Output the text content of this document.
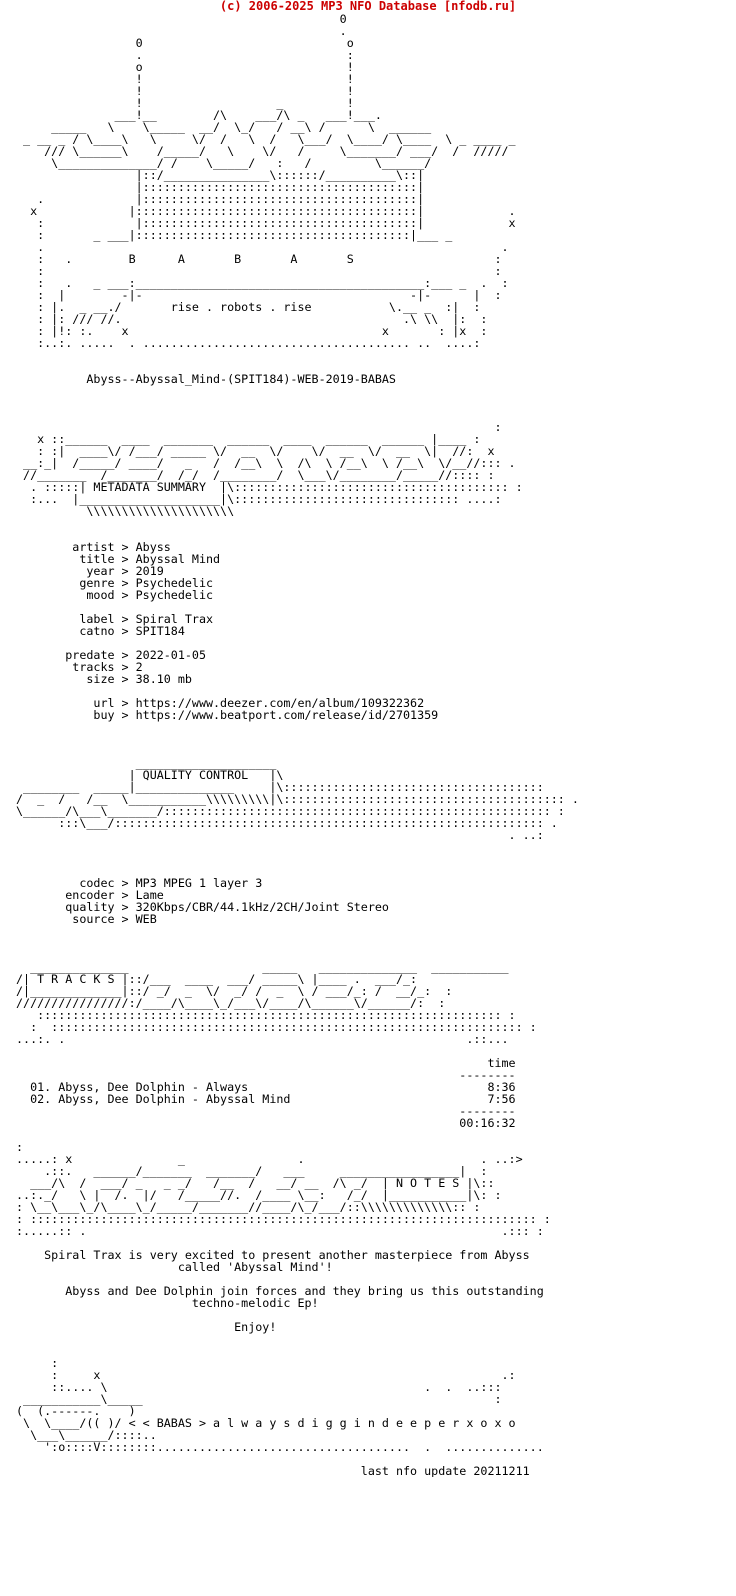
(c) 2006-2025 MP3 NFO Database [nfodb.ru]
0
.
0                             o
.                             :
o                             !
!                             !
!                             !
!                   _         !
___!__        /\    ___/\ _   ___!___.
_____   \    \_____  __/  \_/   / __\ /      \  ______
_ __ _ / \____\   \     \/  /   \  /   \___/  \____/ \____  \ _ ____ _
/// \______\    /_____/   \    \/   /     \_______/ ___/  /  /////
\______________/ /    \_____/   :   /         \______/
|::/_______________\::::::/__________\::|
|:::::::::::::::::::::::::::::::::::::::|
.             |:::::::::::::::::::::::::::::::::::::::|
x             |::::::::::::::::::::::::::::::::::::::::|            .
:             |:::::::::::::::::::::::::::::::::::::::|            x
:       _ ___|:::::::::::::::::::::::::::::::::::::::|___ _
.                                                                 .
:   .        B      A       B       A       S                    :
:                                                                :
:   .   _ ___:_________________________________________:___ _  .  :
:  |        -|-                                      -|-      |  :
: |.  _ __./       rise . robots . rise           \.__ _  :|  :
: |: /// //.                                        .\ \\  |:  :
: |!: :.    x                                    x       : |x  :
:..:. .....  . ...................................... ..  ....:

Abyss--Abyssal_Mind-(SPIT184)-WEB-2019-BABAS

:
x ::______  ____  _______  ______  ____  ______  ______ |____ :
: :|  ____\/ /___/ _____ \/  __  \/    \/  __  \/  __  \|  //:  x
__:_|  /_____/ ____/   _   /  /__\  \  /\  \ /__\  \ /__\  \/__//::: .
//_______  /_______/  /_/  /________/  \___\/________/_____//:::: :
. :::::| METADATA SUMMARY  |\::::::::::::::::::::::::::::::::::::::: :
:...  |____________________|\:::::::::::::::::::::::::::::::: ....:
\\\\\\\\\\\\\\\\\\\\\

artist > Abyss
title > Abyssal Mind
year > 2019
genre > Psychedelic
mood > Psychedelic

label > Spiral Trax
catno > SPIT184

predate > 2022-01-05
tracks > 2
size > 38.10 mb

url > https://www.deezer.com/en/album/109322362
buy > https://www.beatport.com/release/id/2701359

____________________
| QUALITY CONTROL   |\
________  _____|______________     |\:::::::::::::::::::::::::::::::::::::
/  _  /   /__  \___________\\\\\\\\\|\:::::::::::::::::::::::::::::::::::::::: .
\______/\___\_______/::::::::::::::::::::::::::::::::::::::::::::::::::::::: :
:::\___/::::::::::::::::::::::::::::::::::::::::::::::::::::::::::::: .
. ..:

codec > MP3 MPEG 1 layer 3
encoder > Lame
quality > 320Kbps/CBR/44.1kHz/2CH/Joint Stereo
source > WEB

______________                   _____   ______________  ___________
/| T R A C K S |::/___  ____  ___/ _____\ |____ .  ___/_:
/|_____________|::/ _/  _  \/  _/ /  _  \ / ___/_: /  __/_:  :
////////////////:/____/\____\_/___\/____/\______\/______/:  :
:::::::::::::::::::::::::::::::::::::::::::::::::::::::::::::::::: :
:  ::::::::::::::::::::::::::::::::::::::::::::::::::::::::::::::::::: :
...:. .                                                         .::...

time
--------
01. Abyss, Dee Dolphin - Always                                  8:36
02. Abyss, Dee Dolphin - Abyssal Mind                            7:56
--------
00:16:32

:
.....: x               _                .                         . ..:>
.::.   ______/_______  _______/   ___     _________________|  :
___/\  /  ___/ _   _ _/   /__  /   __/ __  /\ _/  | N O T E S |\::
..:._/   \ |  /.  |/   /_____//.  /____ \__:   /_/  |___________|\: :
: \__\___\_/\____\_/_____/_______//____/\_/___/::\\\\\\\\\\\\\:: :
: :::::::::::::::::::::::::::::::::::::::::::::::::::::::::::::::::::::::: :
:.....:: .                                                           .::: :

Spiral Trax is very excited to present another masterpiece from Abyss
called 'Abyssal Mind'!

Abyss and Dee Dolphin join forces and they bring us this outstanding
techno-melodic Ep!

Enjoy!

:
:     x                                                         .:
::.... \                                             .  .  ..:::
___________\_____                                                  :
(  (.------.    )
\  \____/(( )/ < < BABAS > a l w a y s d i g g i n d e e p e r x o x o
\___\______/::::..
':o::::V::::::::....................................  .  ..............

last nfo update 20211211
